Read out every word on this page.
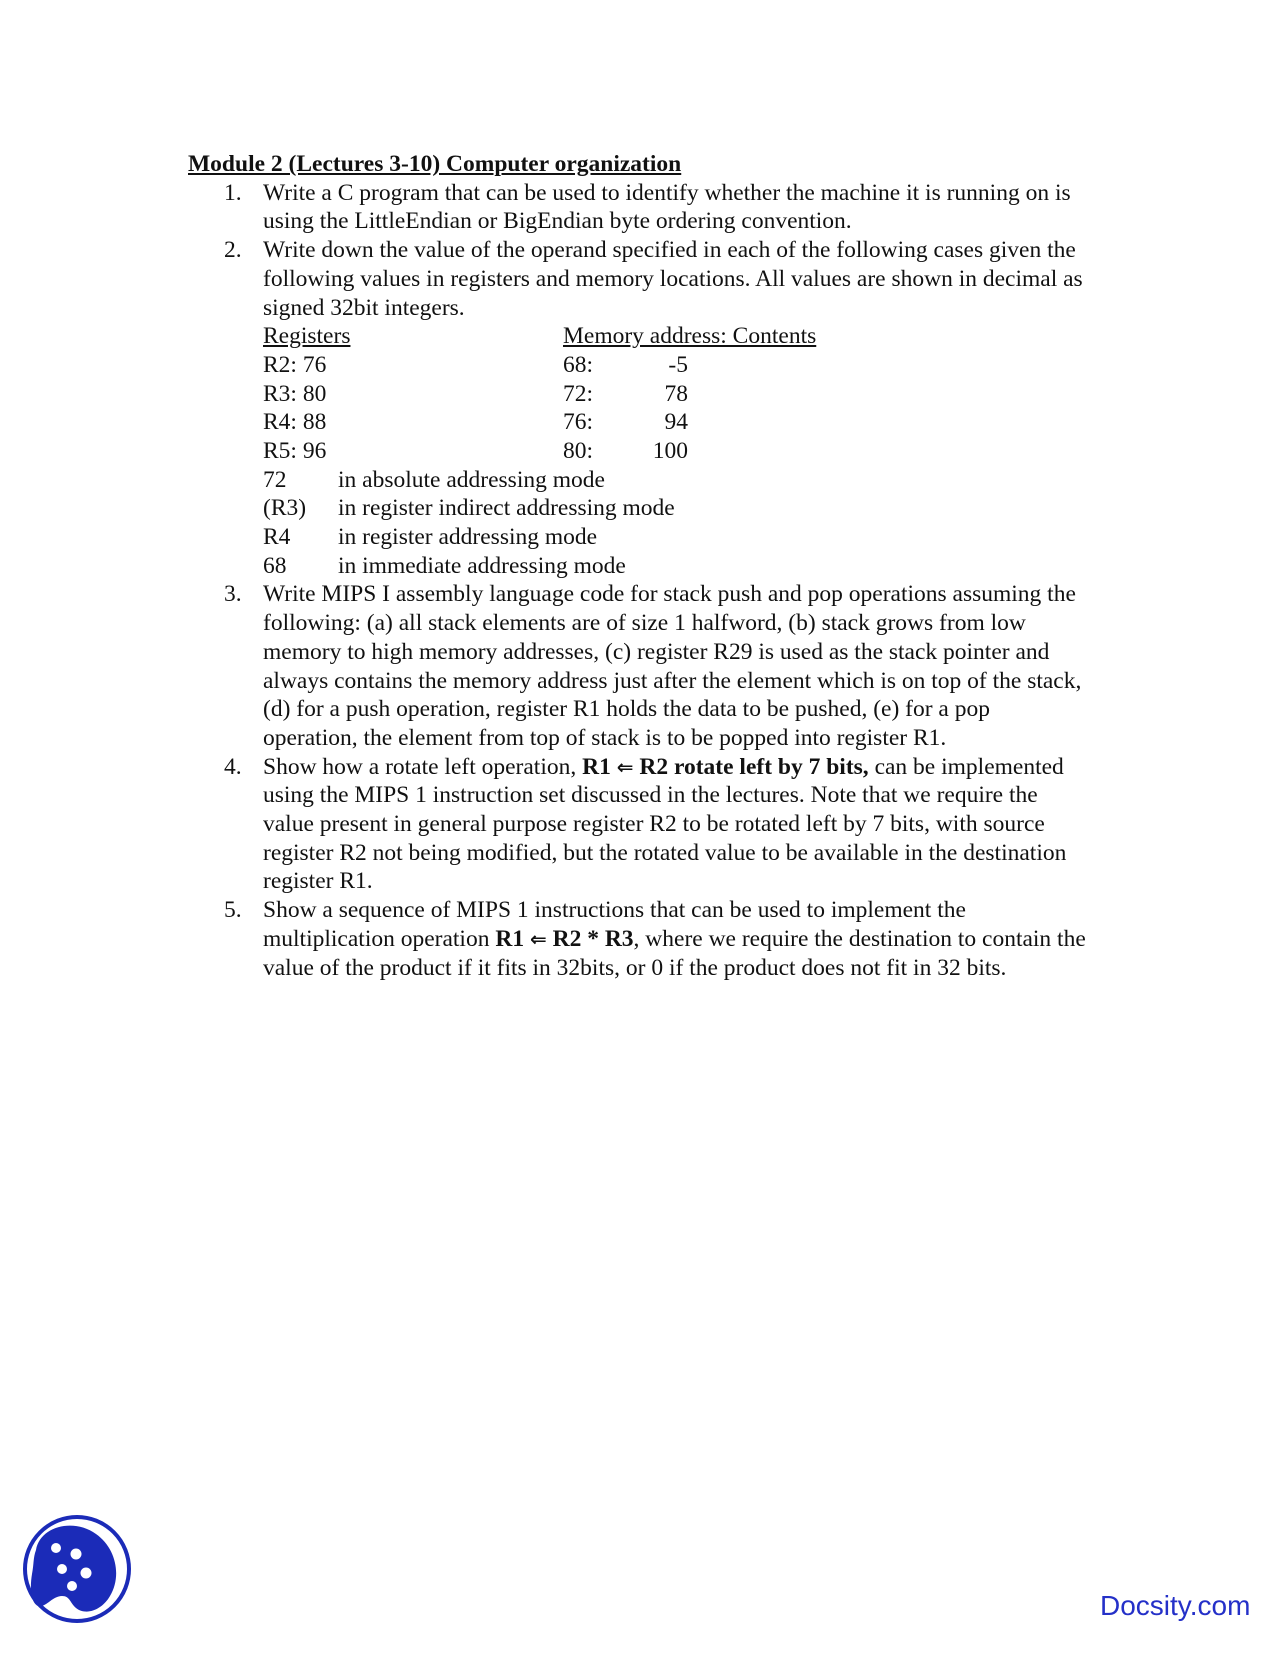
Module 2 (Lectures 3-10) Computer organization

1. Write a C program that can be used to identify whether the machine it is running on is using the LittleEndian or BigEndian byte ordering convention.
2. Write down the value of the operand specified in each of the following cases given the following values in registers and memory locations. All values are shown in decimal as signed 32bit integers.
Registers	Memory address: Contents
R2: 76	68:	-5
R3: 80	72:	78
R4: 88	76:	94
R5: 96	80:	100
72 in absolute addressing mode
(R3) in register indirect addressing mode
R4 in register addressing mode
68 in immediate addressing mode
3. Write MIPS I assembly language code for stack push and pop operations assuming the following: (a) all stack elements are of size 1 halfword, (b) stack grows from low memory to high memory addresses, (c) register R29 is used as the stack pointer and always contains the memory address just after the element which is on top of the stack, (d) for a push operation, register R1 holds the data to be pushed, (e) for a pop operation, the element from top of stack is to be popped into register R1.
4. Show how a rotate left operation, R1 ⇐ R2 rotate left by 7 bits, can be implemented using the MIPS 1 instruction set discussed in the lectures. Note that we require the value present in general purpose register R2 to be rotated left by 7 bits, with source register R2 not being modified, but the rotated value to be available in the destination register R1.
5. Show a sequence of MIPS 1 instructions that can be used to implement the multiplication operation R1 ⇐ R2 * R3, where we require the destination to contain the value of the product if it fits in 32bits, or 0 if the product does not fit in 32 bits.
Docsity.com
